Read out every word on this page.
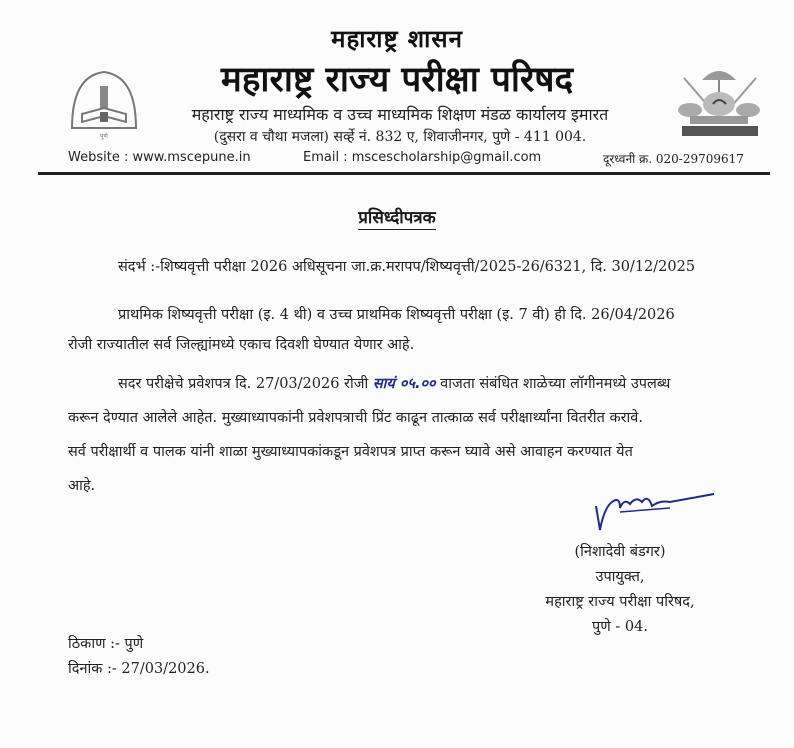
महाराष्ट्र शासन
महाराष्ट्र राज्य परीक्षा परिषद
महाराष्ट्र राज्य माध्यमिक व उच्च माध्यमिक शिक्षण मंडळ कार्यालय इमारत
(दुसरा व चौथा मजला) सर्व्हे नं. 832 ए, शिवाजीनगर, पुणे - 411 004.
पुणे
Website : www.mscepune.in	Email : mscescholarship@gmail.com	दूरध्वनी क्र. 020-29709617
प्रसिध्दीपत्रक
संदर्भ :-शिष्यवृत्ती परीक्षा 2026 अधिसूचना जा.क्र.मरापप/शिष्यवृत्ती/2025-26/6321, दि. 30/12/2025
प्राथमिक शिष्यवृत्ती परीक्षा (इ. 4 थी) व उच्च प्राथमिक शिष्यवृत्ती परीक्षा (इ. 7 वी) ही दि. 26/04/2026
रोजी राज्यातील सर्व जिल्ह्यांमध्ये एकाच दिवशी घेण्यात येणार आहे.
सदर परीक्षेचे प्रवेशपत्र दि. 27/03/2026 रोजी सायं ०५.०० वाजता संबंधित शाळेच्या लॉगीनमध्ये उपलब्ध
करून देण्यात आलेले आहेत. मुख्याध्यापकांनी प्रवेशपत्राची प्रिंट काढून तात्काळ सर्व परीक्षार्थ्यांना वितरीत करावे.
सर्व परीक्षार्थी व पालक यांनी शाळा मुख्याध्यापकांकडून प्रवेशपत्र प्राप्त करून घ्यावे असे आवाहन करण्यात येत
आहे.
(निशादेवी बंडगर)
उपायुक्त,
महाराष्ट्र राज्य परीक्षा परिषद,
पुणे - 04.
ठिकाण :- पुणे
दिनांक :- 27/03/2026.
